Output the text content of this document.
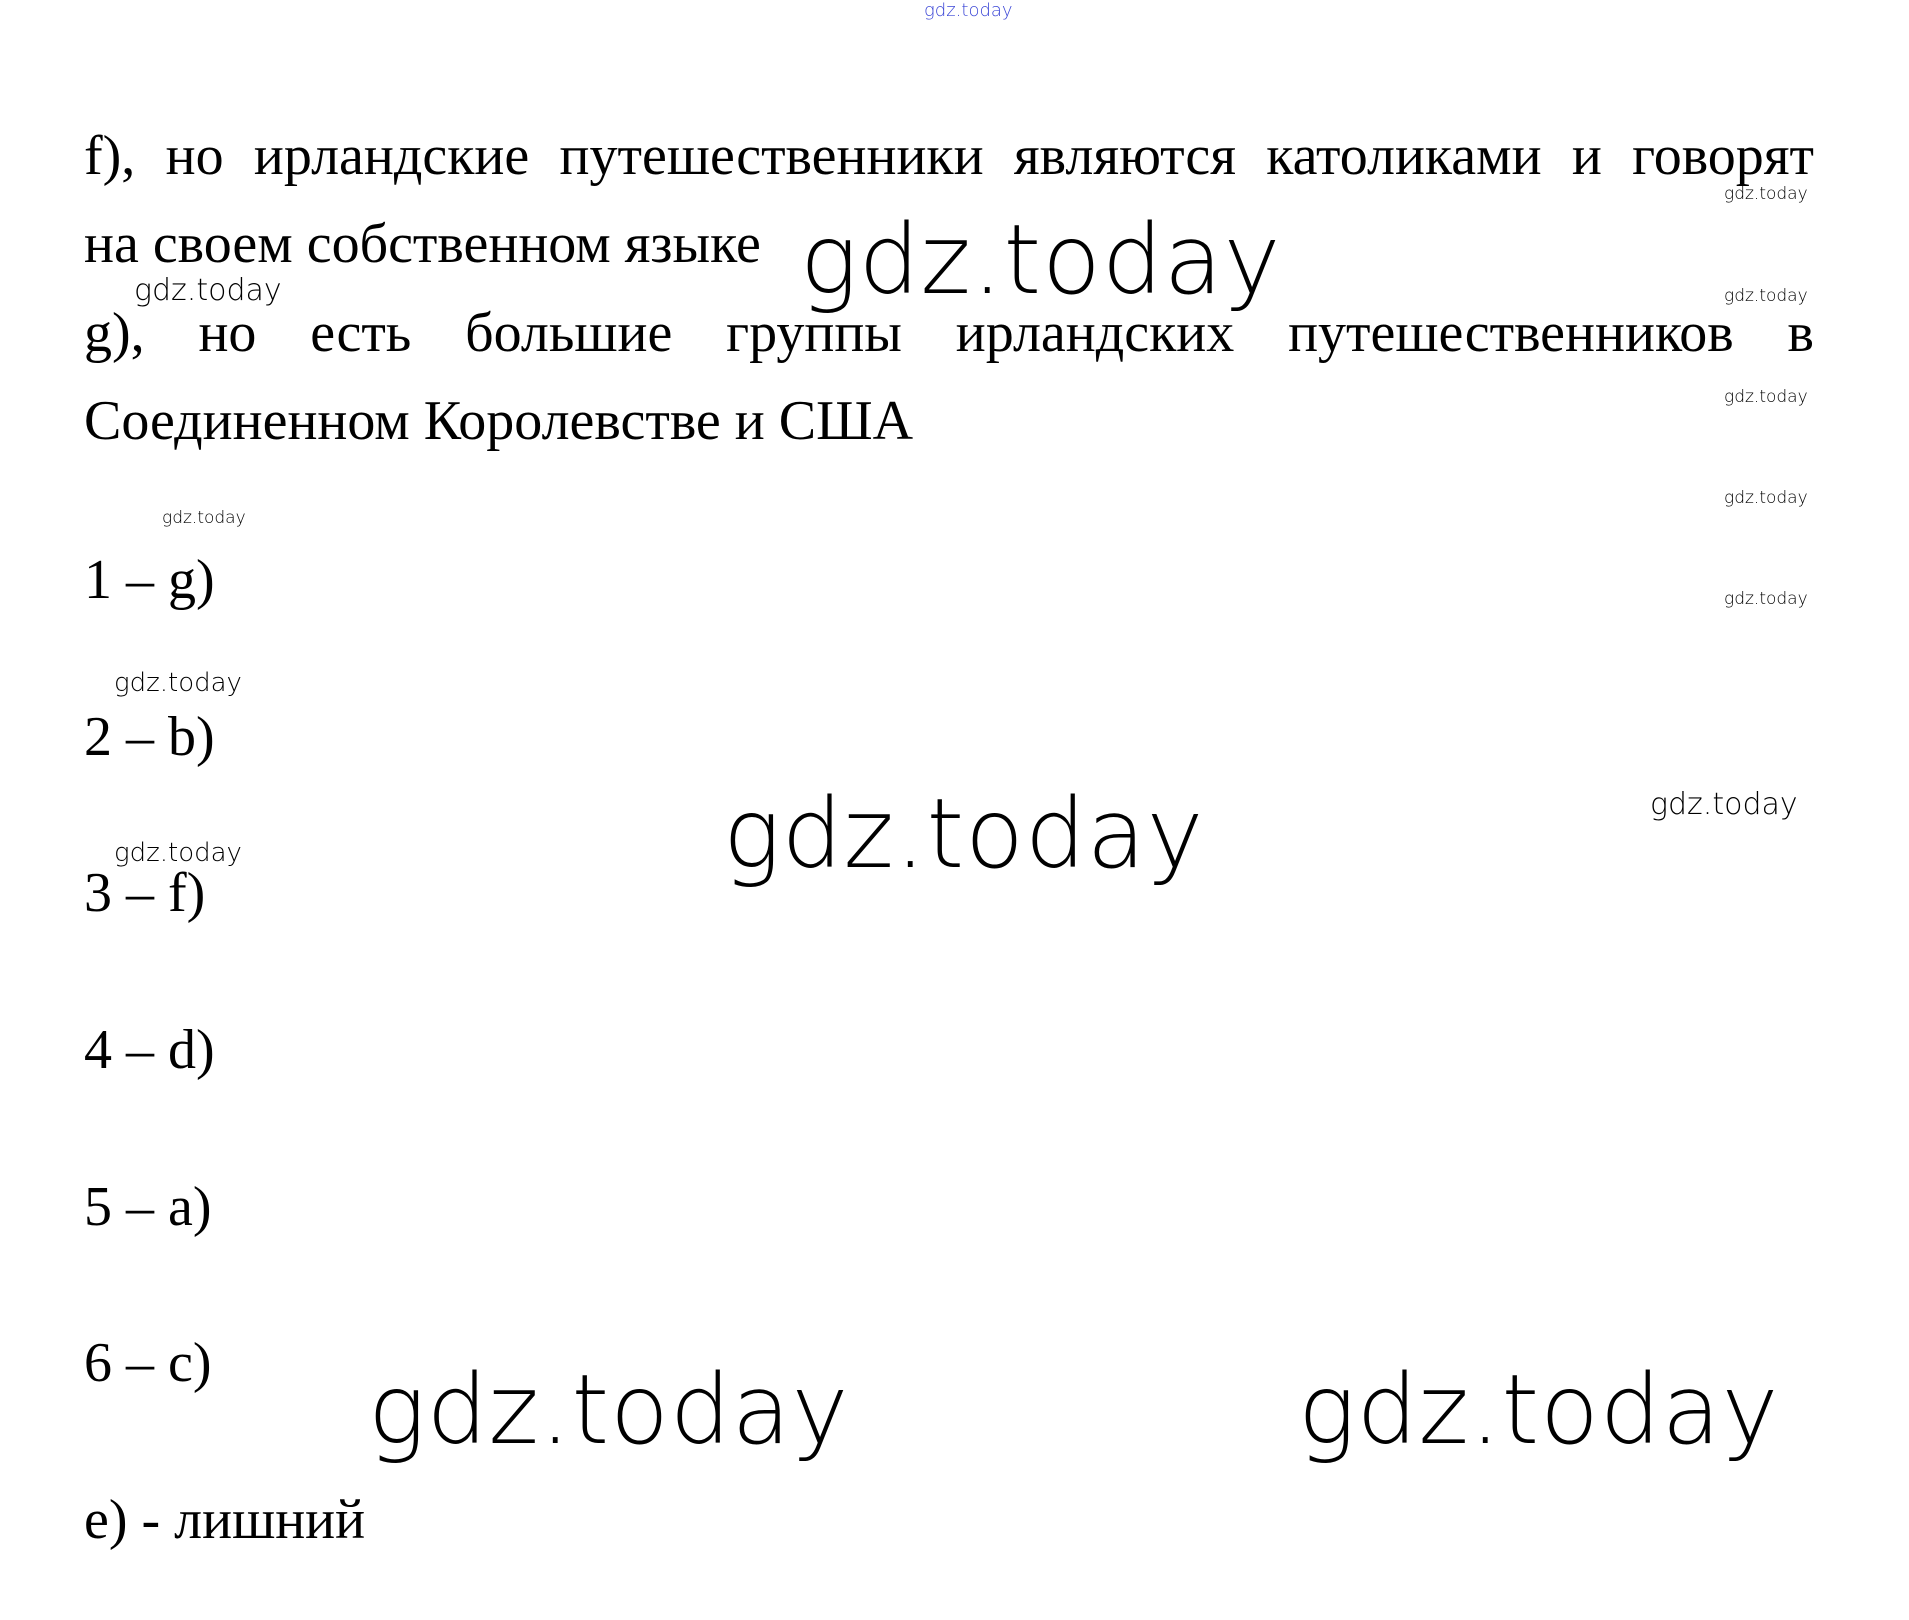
f), но ирландские путешественники являются католиками и говорят
на своем собственном языке
g), но есть большие группы ирландских путешественников в
Соединенном Королевстве и США
1 – g)
2 – b)
3 – f)
4 – d)
5 – a)
6 – c)
e) - лишний
gdz.today
gdz.today
gdz.today
gdz.today	gdz.today
gdz.today
gdz.today
gdz.today
gdz.today
gdz.today
gdz.today
gdz.today
gdz.today
gdz.today
gdz.today
